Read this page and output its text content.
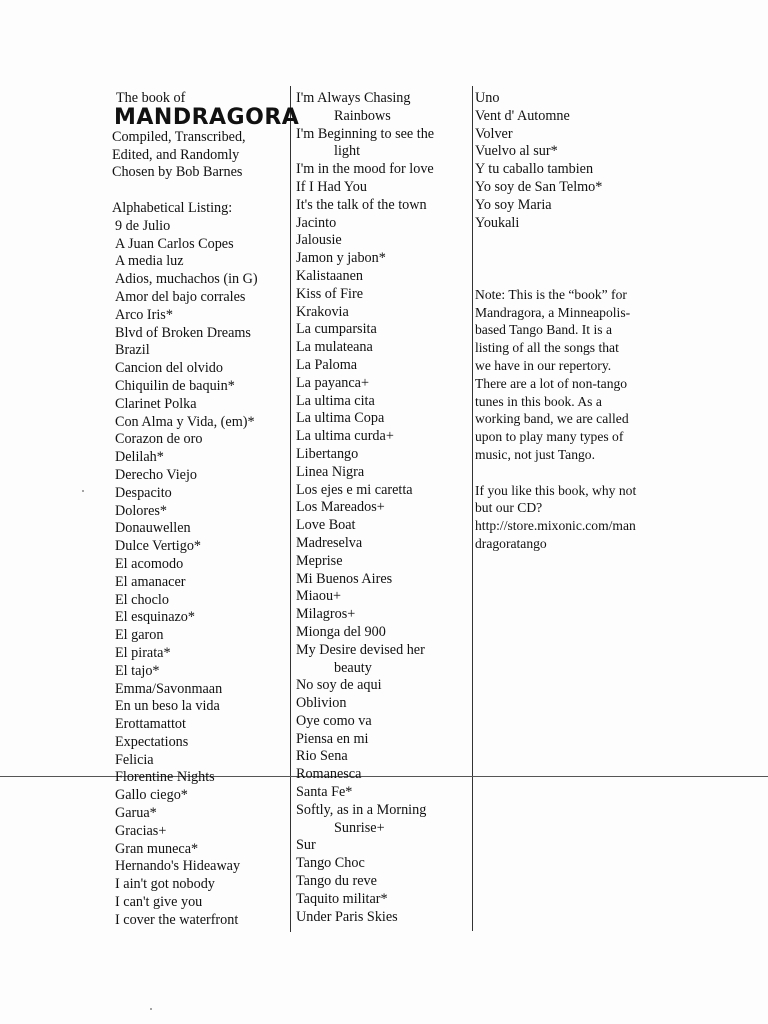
The book of
MANDRAGORA
Compiled, Transcribed,
Edited, and Randomly
Chosen by Bob Barnes
Alphabetical Listing:
9 de Julio
A Juan Carlos Copes
A media luz
Adios, muchachos (in G)
Amor del bajo corrales
Arco Iris*
Blvd of Broken Dreams
Brazil
Cancion del olvido
Chiquilin de baquin*
Clarinet Polka
Con Alma y Vida, (em)*
Corazon de oro
Delilah*
Derecho Viejo
Despacito
Dolores*
Donauwellen
Dulce Vertigo*
El acomodo
El amanacer
El choclo
El esquinazo*
El garon
El pirata*
El tajo*
Emma/Savonmaan
En un beso la vida
Erottamattot
Expectations
Felicia
Florentine Nights
Gallo ciego*
Garua*
Gracias+
Gran muneca*
Hernando's Hideaway
I ain't got nobody
I can't give you
I cover the waterfront
I'm Always Chasing
Rainbows
I'm Beginning to see the
light
I'm in the mood for love
If I Had You
It's the talk of the town
Jacinto
Jalousie
Jamon y jabon*
Kalistaanen
Kiss of Fire
Krakovia
La cumparsita
La mulateana
La Paloma
La payanca+
La ultima cita
La ultima Copa
La ultima curda+
Libertango
Linea Nigra
Los ejes e mi caretta
Los Mareados+
Love Boat
Madreselva
Meprise
Mi Buenos Aires
Miaou+
Milagros+
Mionga del 900
My Desire devised her
beauty
No soy de aqui
Oblivion
Oye como va
Piensa en mi
Rio Sena
Romanesca
Santa Fe*
Softly, as in a Morning
Sunrise+
Sur
Tango Choc
Tango du reve
Taquito militar*
Under Paris Skies
Uno
Vent d' Automne
Volver
Vuelvo al sur*
Y tu caballo tambien
Yo soy de San Telmo*
Yo soy Maria
Youkali
Note: This is the “book” for
Mandragora, a Minneapolis-
based Tango Band. It is a
listing of all the songs that
we have in our repertory.
There are a lot of non-tango
tunes in this book. As a
working band, we are called
upon to play many types of
music, not just Tango.
If you like this book, why not
but our CD?
http://store.mixonic.com/man
dragoratango
